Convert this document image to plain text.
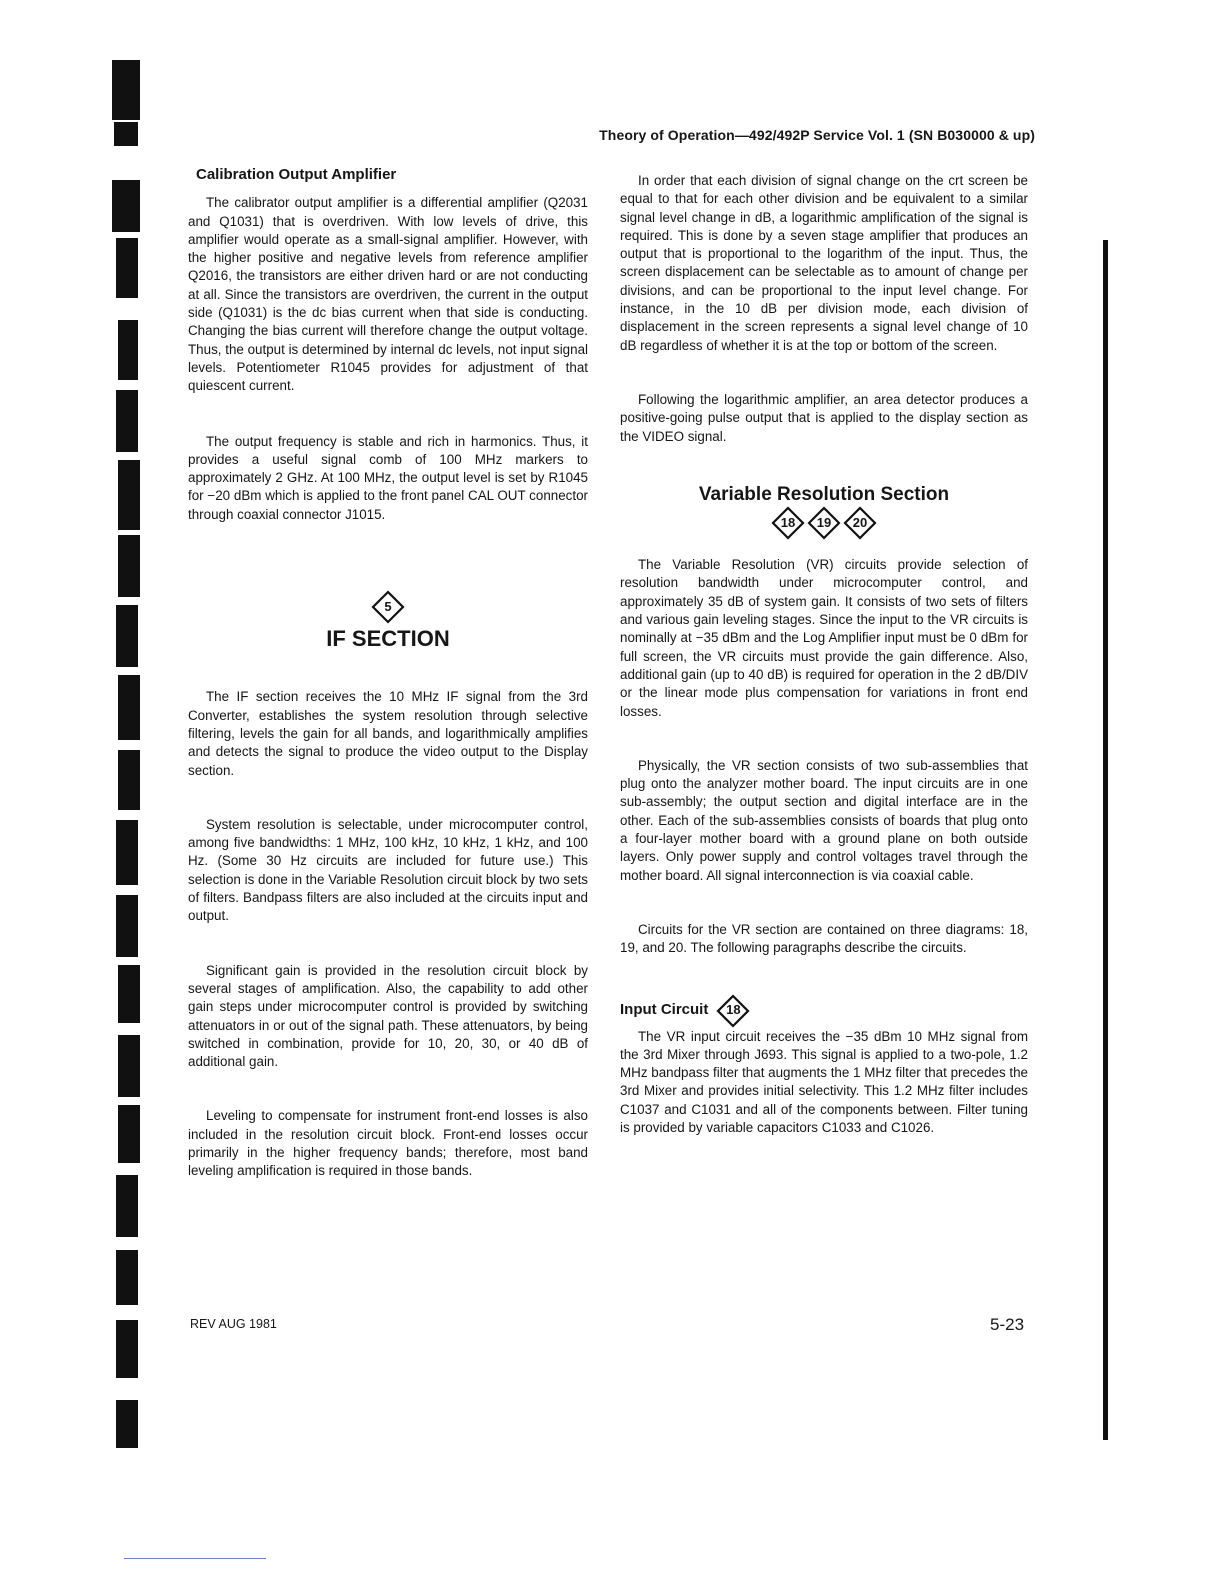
Theory of Operation—492/492P Service Vol. 1 (SN B030000 & up)
Calibration Output Amplifier

The calibrator output amplifier is a differential amplifier (Q2031 and Q1031) that is overdriven. With low levels of drive, this amplifier would operate as a small-signal amplifier. However, with the higher positive and negative levels from reference amplifier Q2016, the transistors are either driven hard or are not conducting at all. Since the transistors are overdriven, the current in the output side (Q1031) is the dc bias current when that side is conducting. Changing the bias current will therefore change the output voltage. Thus, the output is determined by internal dc levels, not input signal levels. Potentiometer R1045 provides for adjustment of that quiescent current.

The output frequency is stable and rich in harmonics. Thus, it provides a useful signal comb of 100 MHz markers to approximately 2 GHz. At 100 MHz, the output level is set by R1045 for −20 dBm which is applied to the front panel CAL OUT connector through coaxial connector J1015.

5
IF SECTION

The IF section receives the 10 MHz IF signal from the 3rd Converter, establishes the system resolution through selective filtering, levels the gain for all bands, and logarithmically amplifies and detects the signal to produce the video output to the Display section.

System resolution is selectable, under microcomputer control, among five bandwidths: 1 MHz, 100 kHz, 10 kHz, 1 kHz, and 100 Hz. (Some 30 Hz circuits are included for future use.) This selection is done in the Variable Resolution circuit block by two sets of filters. Bandpass filters are also included at the circuits input and output.

Significant gain is provided in the resolution circuit block by several stages of amplification. Also, the capability to add other gain steps under microcomputer control is provided by switching attenuators in or out of the signal path. These attenuators, by being switched in combination, provide for 10, 20, 30, or 40 dB of additional gain.

Leveling to compensate for instrument front-end losses is also included in the resolution circuit block. Front-end losses occur primarily in the higher frequency bands; therefore, most band leveling amplification is required in those bands.

In order that each division of signal change on the crt screen be equal to that for each other division and be equivalent to a similar signal level change in dB, a logarithmic amplification of the signal is required. This is done by a seven stage amplifier that produces an output that is proportional to the logarithm of the input. Thus, the screen displacement can be selectable as to amount of change per divisions, and can be proportional to the input level change. For instance, in the 10 dB per division mode, each division of displacement in the screen represents a signal level change of 10 dB regardless of whether it is at the top or bottom of the screen.

Following the logarithmic amplifier, an area detector produces a positive-going pulse output that is applied to the display section as the VIDEO signal.

Variable Resolution Section
18	19	20

The Variable Resolution (VR) circuits provide selection of resolution bandwidth under microcomputer control, and approximately 35 dB of system gain. It consists of two sets of filters and various gain leveling stages. Since the input to the VR circuits is nominally at −35 dBm and the Log Amplifier input must be 0 dBm for full screen, the VR circuits must provide the gain difference. Also, additional gain (up to 40 dB) is required for operation in the 2 dB/DIV or the linear mode plus compensation for variations in front end losses.

Physically, the VR section consists of two sub-assemblies that plug onto the analyzer mother board. The input circuits are in one sub-assembly; the output section and digital interface are in the other. Each of the sub-assemblies consists of boards that plug onto a four-layer mother board with a ground plane on both outside layers. Only power supply and control voltages travel through the mother board. All signal interconnection is via coaxial cable.

Circuits for the VR section are contained on three diagrams: 18, 19, and 20. The following paragraphs describe the circuits.

Input Circuit	18

The VR input circuit receives the −35 dBm 10 MHz signal from the 3rd Mixer through J693. This signal is applied to a two-pole, 1.2 MHz bandpass filter that augments the 1 MHz filter that precedes the 3rd Mixer and provides initial selectivity. This 1.2 MHz filter includes C1037 and C1031 and all of the components between. Filter tuning is provided by variable capacitors C1033 and C1026.

REV AUG 1981	5-23
